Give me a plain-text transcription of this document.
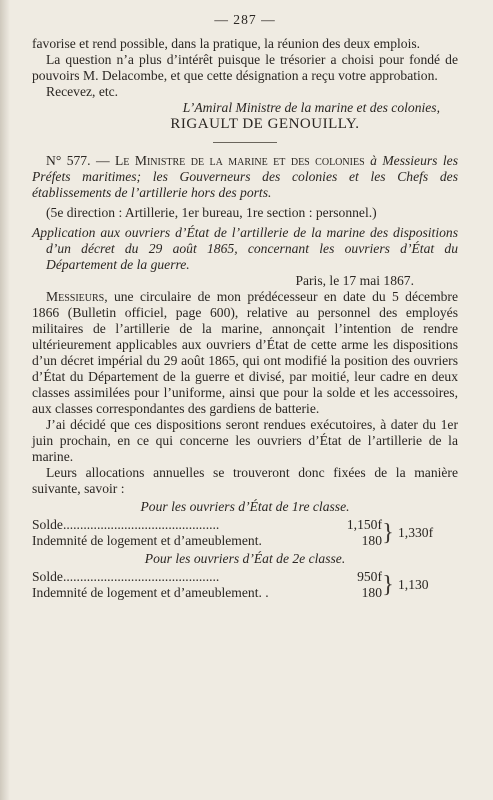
— 287 —

favorise et rend possible, dans la pratique, la réunion des deux emplois.

La question n’a plus d’intérêt puisque le trésorier a choisi pour fondé de pouvoirs M. Delacombe, et que cette désignation a reçu votre approbation.

Recevez, etc.

L’Amiral Ministre de la marine et des colonies,

RIGAULT DE GENOUILLY.

N° 577. — Le Ministre de la marine et des colonies à Messieurs les Préfets maritimes; les Gouverneurs des colonies et les Chefs des établissements de l’artillerie hors des ports.

(5e direction : Artillerie, 1er bureau, 1re section : personnel.)

Application aux ouvriers d’État de l’artillerie de la marine des dispositions d’un décret du 29 août 1865, concernant les ouvriers d’État du Département de la guerre.

Paris, le 17 mai 1867.

Messieurs, une circulaire de mon prédécesseur en date du 5 décembre 1866 (Bulletin officiel, page 600), relative au personnel des employés militaires de l’artillerie de la marine, annonçait l’intention de rendre ultérieurement applicables aux ouvriers d’État de cette arme les dispositions d’un décret impérial du 29 août 1865, qui ont modifié la position des ouvriers d’État du Département de la guerre et divisé, par moitié, leur cadre en deux classes assimilées pour l’uniforme, ainsi que pour la solde et les accessoires, aux classes correspondantes des gardiens de batterie.

J’ai décidé que ces dispositions seront rendues exécutoires, à dater du 1er juin prochain, en ce qui concerne les ouvriers d’État de l’artillerie de la marine.

Leurs allocations annuelles se trouveront donc fixées de la manière suivante, savoir :

Pour les ouvriers d’État de 1re classe.
Solde..............................................	1,150f
Indemnité de logement et d’ameublement.	180 } 1,330f
Pour les ouvriers d’Éat de 2e classe.
Solde..............................................	950f
Indemnité de logement et d’ameublement. .	180 } 1,130
